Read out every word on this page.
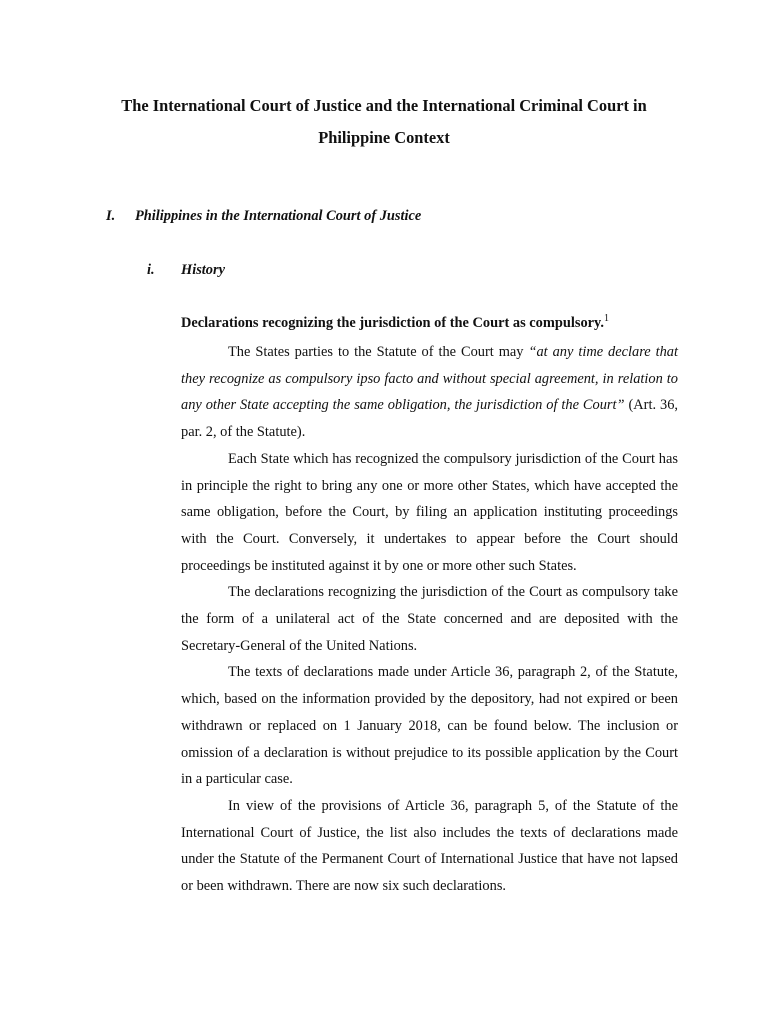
The International Court of Justice and the International Criminal Court in Philippine Context
I. Philippines in the International Court of Justice
i. History
Declarations recognizing the jurisdiction of the Court as compulsory.$^1$

The States parties to the Statute of the Court may “at any time declare that they recognize as compulsory ipso facto and without special agreement, in relation to any other State accepting the same obligation, the jurisdiction of the Court” (Art. 36, par. 2, of the Statute).

Each State which has recognized the compulsory jurisdiction of the Court has in principle the right to bring any one or more other States, which have accepted the same obligation, before the Court, by filing an application instituting proceedings with the Court. Conversely, it undertakes to appear before the Court should proceedings be instituted against it by one or more other such States.

The declarations recognizing the jurisdiction of the Court as compulsory take the form of a unilateral act of the State concerned and are deposited with the Secretary-General of the United Nations.

The texts of declarations made under Article 36, paragraph 2, of the Statute, which, based on the information provided by the depository, had not expired or been withdrawn or replaced on 1 January 2018, can be found below. The inclusion or omission of a declaration is without prejudice to its possible application by the Court in a particular case.

In view of the provisions of Article 36, paragraph 5, of the Statute of the International Court of Justice, the list also includes the texts of declarations made under the Statute of the Permanent Court of International Justice that have not lapsed or been withdrawn. There are now six such declarations.
